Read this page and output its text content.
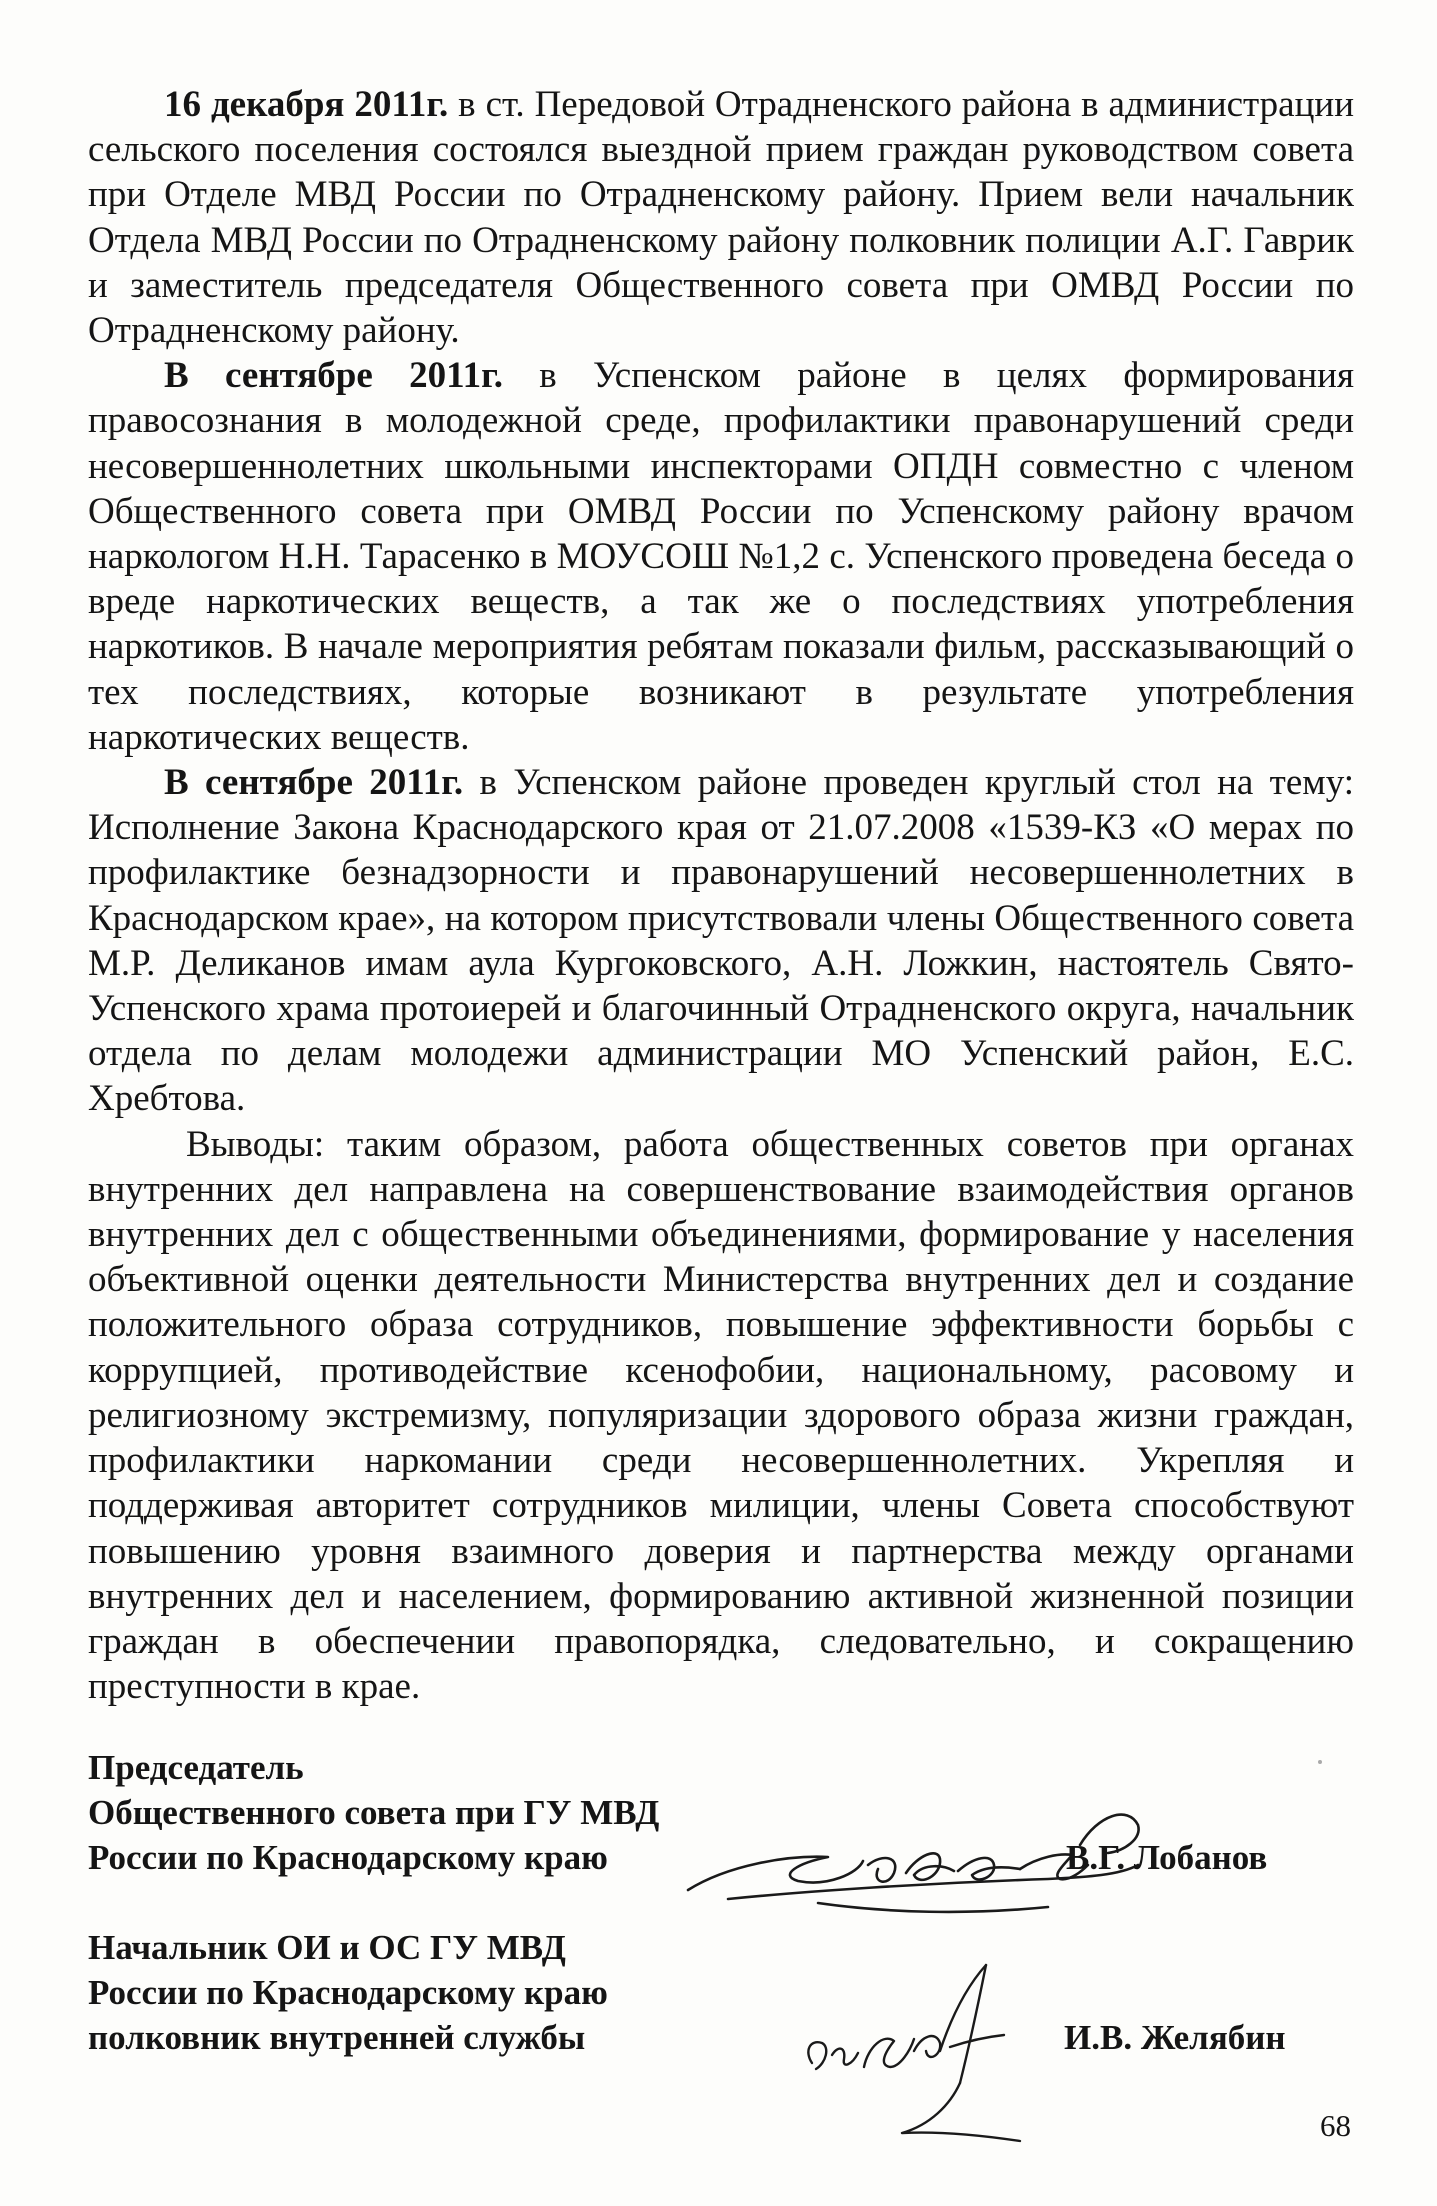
16 декабря 2011г. в ст. Передовой Отрадненского района в администрации сельского поселения состоялся выездной прием граждан руководством совета при Отделе МВД России по Отрадненскому району. Прием вели начальник Отдела МВД России по Отрадненскому району полковник полиции А.Г. Гаврик и заместитель председателя Общественного совета при ОМВД России по Отрадненскому району.

В сентябре 2011г. в Успенском районе в целях формирования правосознания в молодежной среде, профилактики правонарушений среди несовершеннолетних школьными инспекторами ОПДН совместно с членом Общественного совета при ОМВД России по Успенскому району врачом наркологом Н.Н. Тарасенко в МОУСОШ №1,2 с. Успенского проведена беседа о вреде наркотических веществ, а так же о последствиях употребления наркотиков. В начале мероприятия ребятам показали фильм, рассказывающий о тех последствиях, которые возникают в результате употребления наркотических веществ.

В сентябре 2011г. в Успенском районе проведен круглый стол на тему: Исполнение Закона Краснодарского края от 21.07.2008 «1539-КЗ «О мерах по профилактике безнадзорности и правонарушений несовершеннолетних в Краснодарском крае», на котором присутствовали члены Общественного совета М.Р. Деликанов имам аула Кургоковского, А.Н. Ложкин, настоятель Свято-Успенского храма протоиерей и благочинный Отрадненского округа, начальник отдела по делам молодежи администрации МО Успенский район, Е.С. Хребтова.

Выводы: таким образом, работа общественных советов при органах внутренних дел направлена на совершенствование взаимодействия органов внутренних дел с общественными объединениями, формирование у населения объективной оценки деятельности Министерства внутренних дел и создание положительного образа сотрудников, повышение эффективности борьбы с коррупцией, противодействие ксенофобии, национальному, расовому и религиозному экстремизму, популяризации здорового образа жизни граждан, профилактики наркомании среди несовершеннолетних. Укрепляя и поддерживая авторитет сотрудников милиции, члены Совета способствуют повышению уровня взаимного доверия и партнерства между органами внутренних дел и населением, формированию активной жизненной позиции граждан в обеспечении правопорядка, следовательно, и сокращению преступности в крае.

Председатель
Общественного совета при ГУ МВД
России по Краснодарскому краю	В.Г. Лобанов
Начальник ОИ и ОС ГУ МВД
России по Краснодарскому краю
полковник внутренней службы	И.В. Желябин
68
